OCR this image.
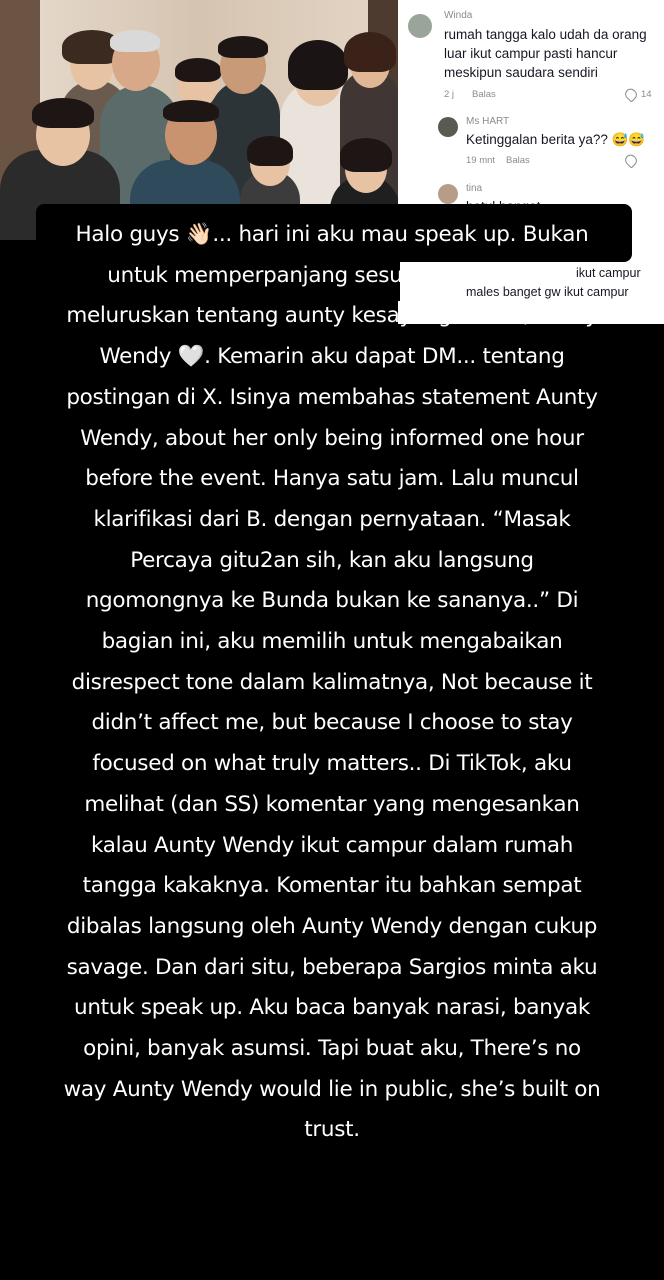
Winda
rumah tangga kalo udah da orang
luar ikut campur pasti hancur
meskipun saudara sendiri
2 j Balas	14
Ms HART
Ketinggalan berita ya?? 😅😅
19 mnt Balas
tina
ikut campur
males banget gw ikut campur
Halo guys 👋🏻... hari ini aku mau speak up. Bukan
untuk memperpanjang sesuatu, tapi untuk
meluruskan tentang aunty kesayangan kita, Aunty
Wendy 🤍. Kemarin aku dapat DM... tentang
postingan di X. Isinya membahas statement Aunty
Wendy, about her only being informed one hour
before the event. Hanya satu jam. Lalu muncul
klarifikasi dari B. dengan pernyataan. “Masak
Percaya gitu2an sih, kan aku langsung
ngomongnya ke Bunda bukan ke sananya..” Di
bagian ini, aku memilih untuk mengabaikan
disrespect tone dalam kalimatnya, Not because it
didn’t affect me, but because I choose to stay
focused on what truly matters.. Di TikTok, aku
melihat (dan SS) komentar yang mengesankan
kalau Aunty Wendy ikut campur dalam rumah
tangga kakaknya. Komentar itu bahkan sempat
dibalas langsung oleh Aunty Wendy dengan cukup
savage. Dan dari situ, beberapa Sargios minta aku
untuk speak up. Aku baca banyak narasi, banyak
opini, banyak asumsi. Tapi buat aku, There’s no
way Aunty Wendy would lie in public, she’s built on
trust.
